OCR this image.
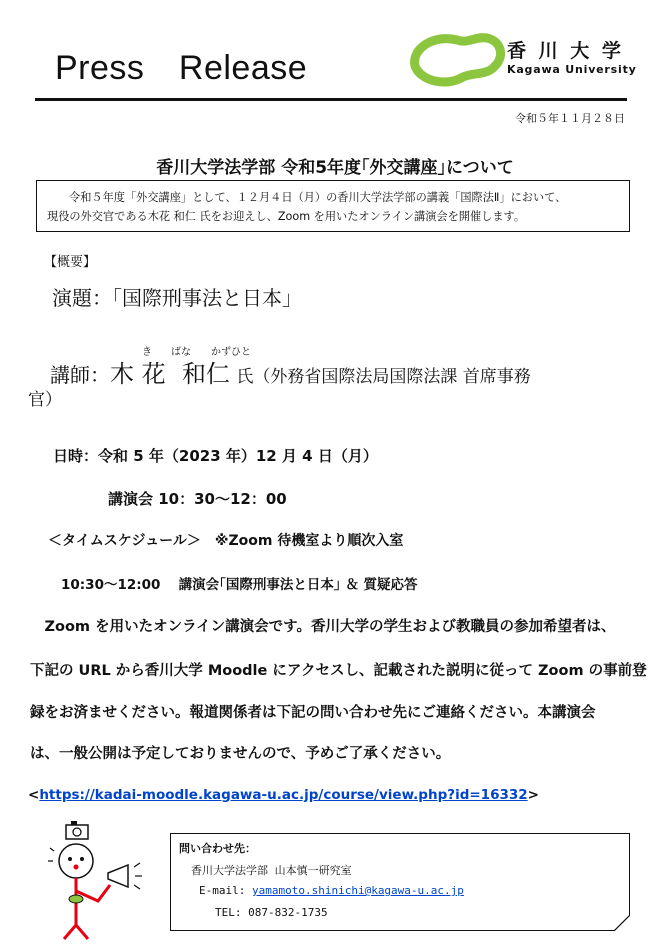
Press　Release	香 川 大 学
Kagawa University
令和５年１１月２８日
香川大学法学部 令和5年度｢外交講座｣について
令和５年度「外交講座」として、１２月４日（月）の香川大学法学部の講義「国際法Ⅱ」において、
現役の外交官である木花 和仁 氏をお迎えし、Zoom を用いたオンライン講演会を開催します。
【概要】
演題：「国際刑事法と日本」
き ばな かずひと
講師：木 花 和仁 氏（外務省国際法局国際法課 首席事務
官）
日時：令和 5 年（2023 年）12 月 4 日（月）
講演会 10：30～12：00
＜タイムスケジュール＞　※Zoom 待機室より順次入室
10:30～12:00　 講演会｢国際刑事法と日本｣ ＆ 質疑応答
　Zoom を用いたオンライン講演会です。香川大学の学生および教職員の参加希望者は、
下記の URL から香川大学 Moodle にアクセスし、記載された説明に従って Zoom の事前登
録をお済ませください。報道関係者は下記の問い合わせ先にご連絡ください。本講演会
は、一般公開は予定しておりませんので、予めご了承ください。
<https://kadai-moodle.kagawa-u.ac.jp/course/view.php?id=16332>
問い合わせ先：
香川大学法学部 山本慎一研究室
E-mail: yamamoto.shinichi@kagawa-u.ac.jp
TEL: 087-832-1735
